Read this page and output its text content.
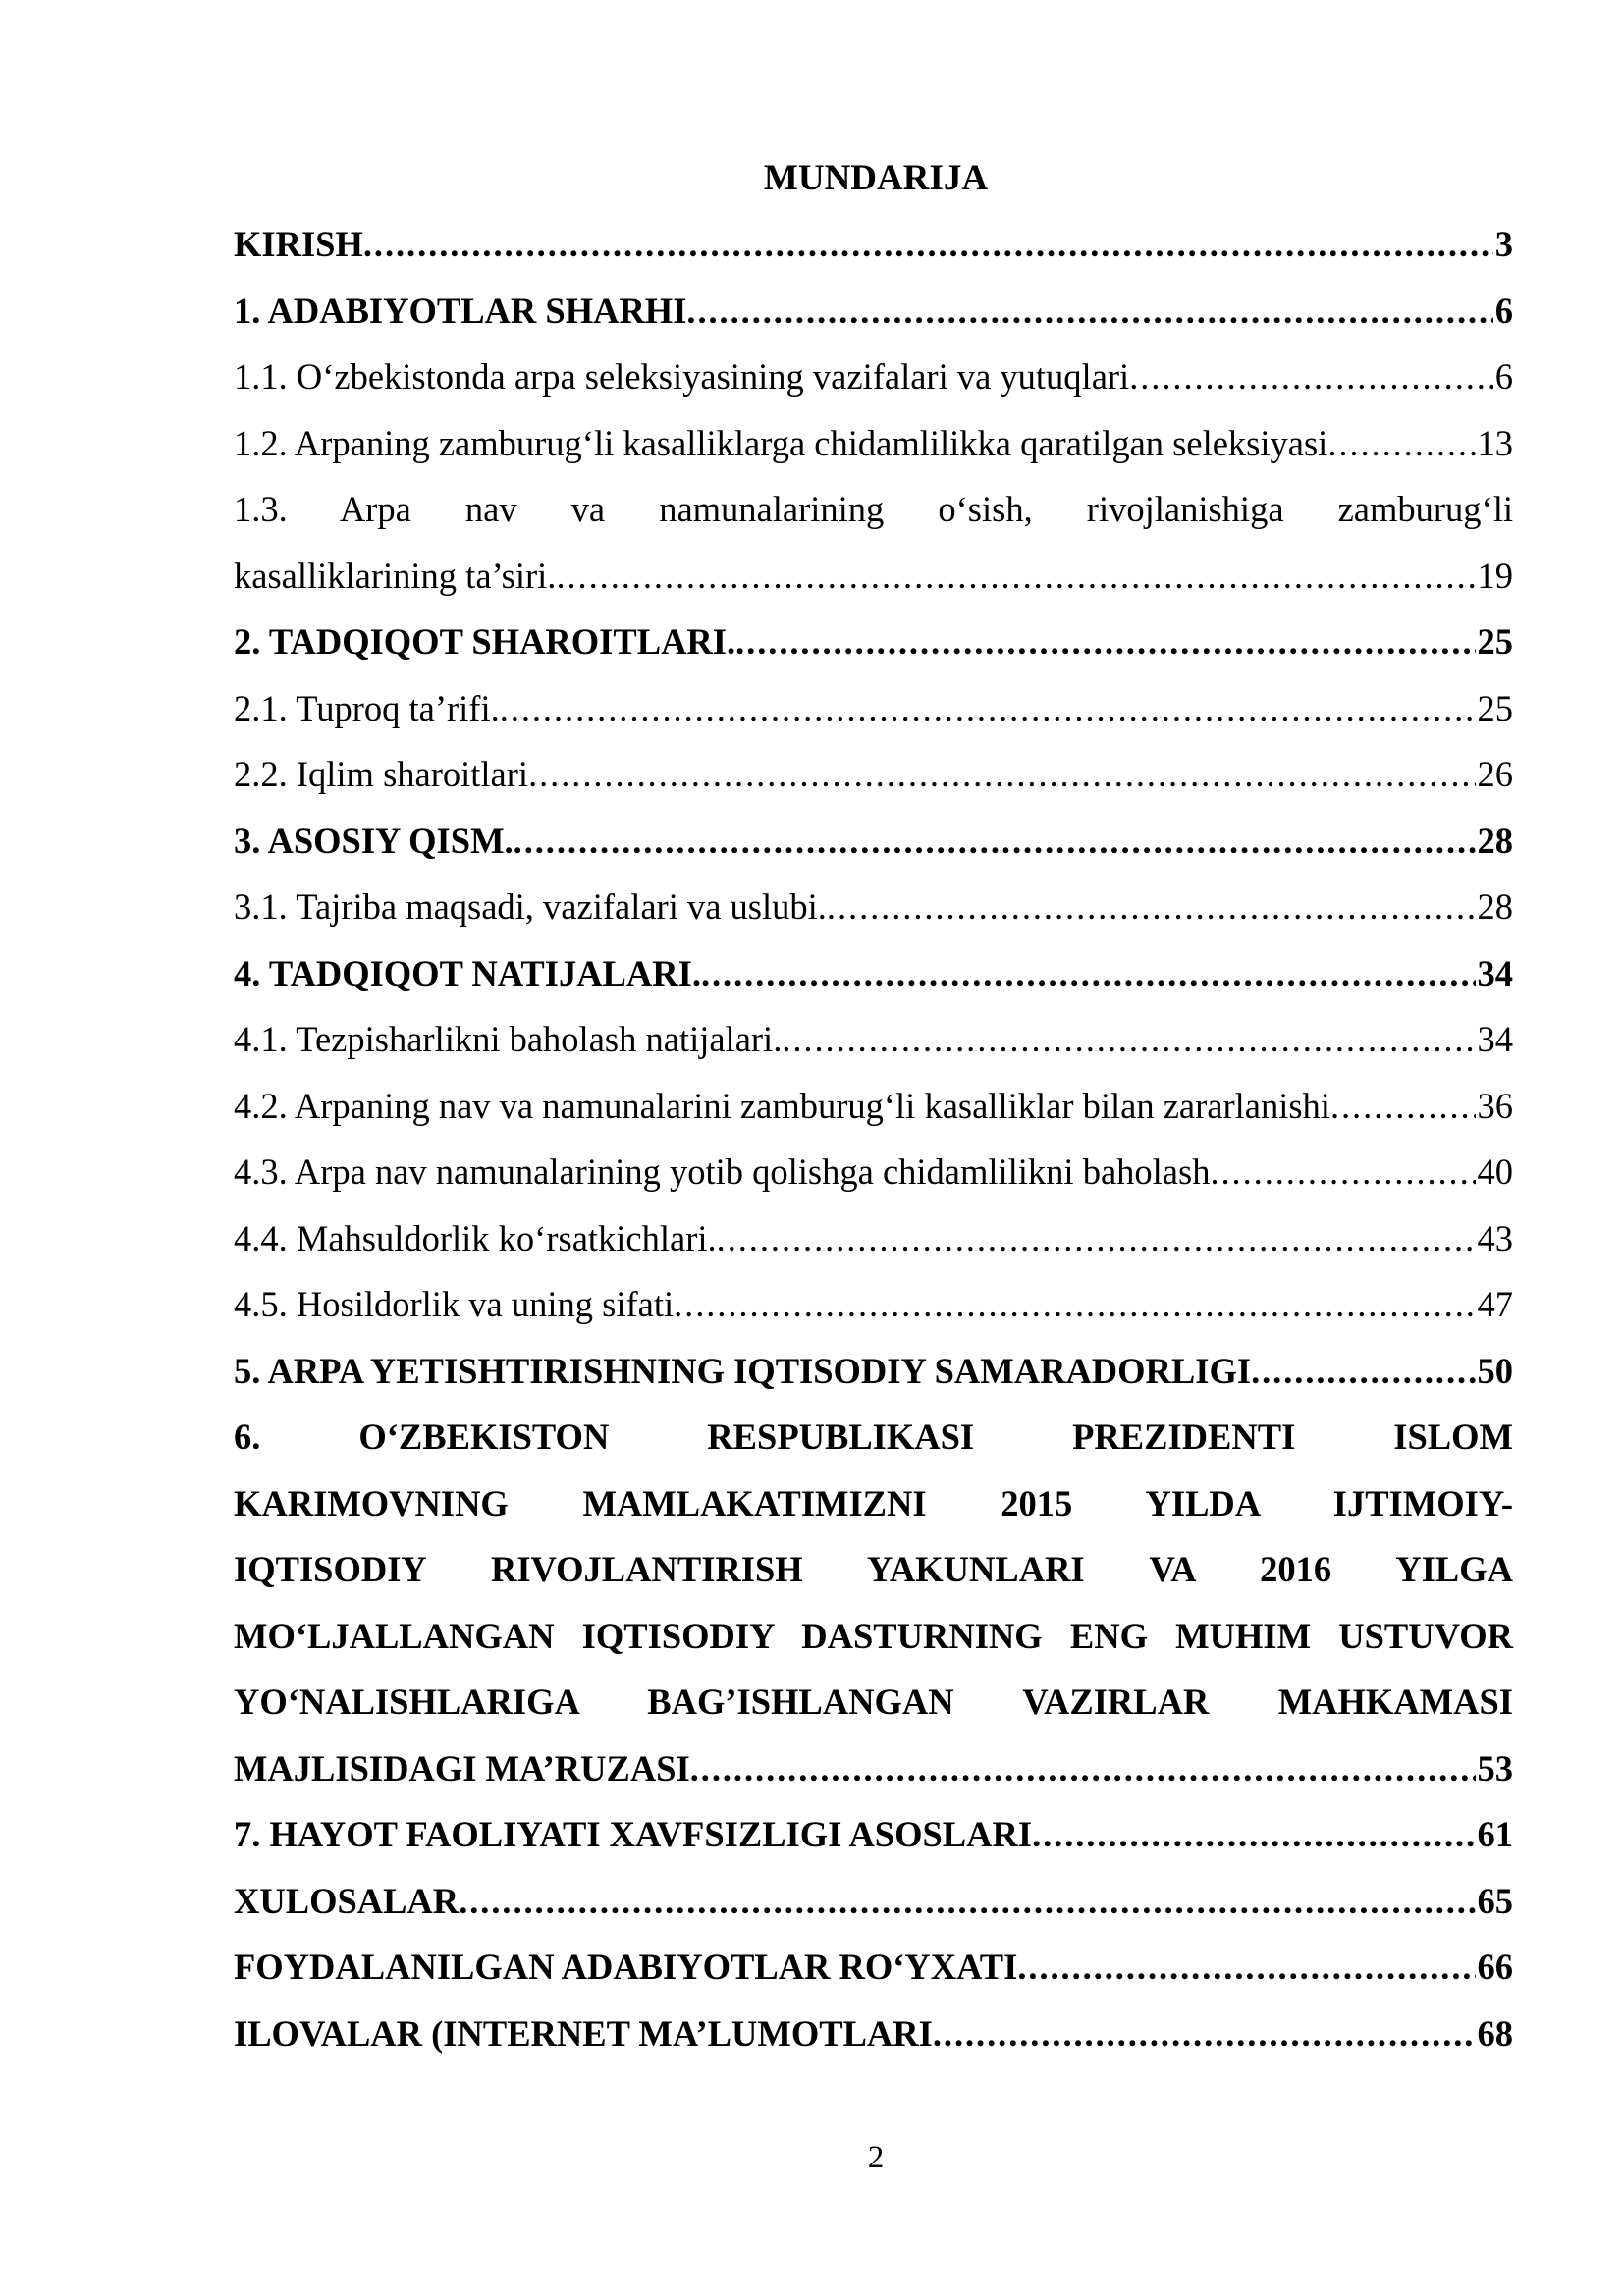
MUNDARIJA
KIRISH . . .	3
1. ADABIYOTLAR SHARHI . . .	6
1.1. O‘zbekistonda arpa seleksiyasining vazifalari va yutuqlari . . .	6
1.2. Arpaning zamburug‘li kasalliklarga chidamlilikka qaratilgan seleksiyasi . . .	13
1.3. Arpa nav va namunalarining o‘sish, rivojlanishiga zamburug‘li
kasalliklarining ta’siri. . . .	19
2. TADQIQOT SHAROITLARI. . . .	25
2.1. Tuproq ta’rifi. . . .	25
2.2. Iqlim sharoitlari . . .	26
3. ASOSIY QISM. . . .	28
3.1. Tajriba maqsadi, vazifalari va uslubi. . . .	28
4. TADQIQOT NATIJALARI. . . .	34
4.1. Tezpisharlikni baholash natijalari. . . .	34
4.2. Arpaning nav va namunalarini zamburug‘li kasalliklar bilan zararlanishi . . .	36
4.3. Arpa nav namunalarining yotib qolishga chidamlilikni baholash . . .	40
4.4. Mahsuldorlik ko‘rsatkichlari. . . .	43
4.5. Hosildorlik va uning sifati . . .	47
5. ARPA YETISHTIRISHNING IQTISODIY SAMARADORLIGI . . .	50
6. O‘ZBEKISTON RESPUBLIKASI PREZIDENTI ISLOM
KARIMOVNING MAMLAKATIMIZNI 2015 YILDA IJTIMOIY-
IQTISODIY RIVOJLANTIRISH YAKUNLARI VA 2016 YILGA
MO‘LJALLANGAN IQTISODIY DASTURNING ENG MUHIM USTUVOR
YO‘NALISHLARIGA BAG’ISHLANGAN VAZIRLAR MAHKAMASI
MAJLISIDAGI MA’RUZASI . . .	53
7. HAYOT FAOLIYATI XAVFSIZLIGI ASOSLARI . . .	61
XULOSALAR . . .	65
FOYDALANILGAN ADABIYOTLAR RO‘YXATI . . .	66
ILOVALAR (INTERNET MA’LUMOTLARI . . .	68
2
